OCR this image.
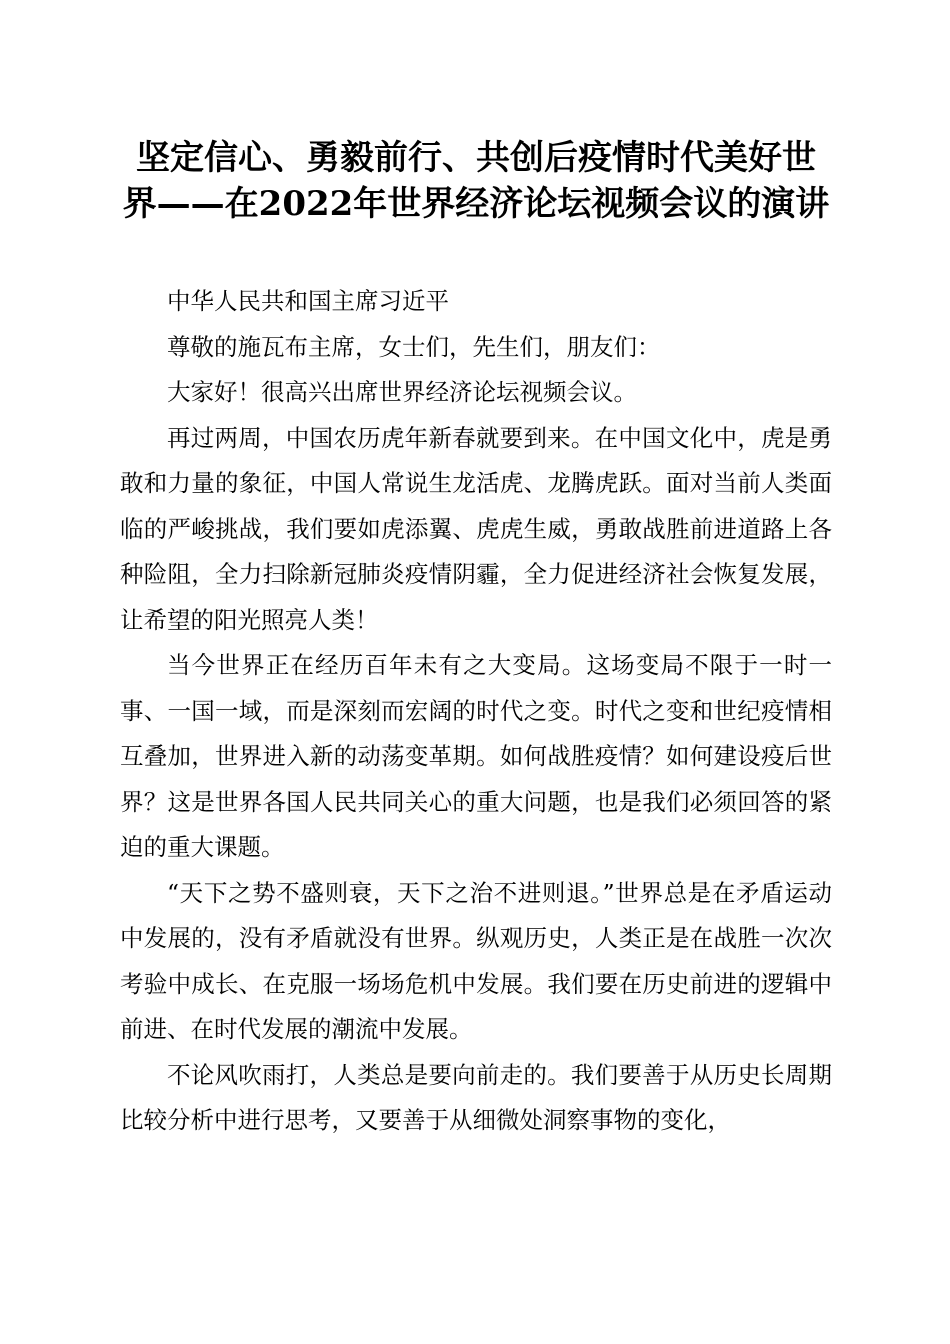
坚定信心、勇毅前行、共创后疫情时代美好世界——在2022年世界经济论坛视频会议的演讲

中华人民共和国主席习近平

尊敬的施瓦布主席，女士们，先生们，朋友们：

大家好！很高兴出席世界经济论坛视频会议。

再过两周，中国农历虎年新春就要到来。在中国文化中，虎是勇敢和力量的象征，中国人常说生龙活虎、龙腾虎跃。面对当前人类面临的严峻挑战，我们要如虎添翼、虎虎生威，勇敢战胜前进道路上各种险阻，全力扫除新冠肺炎疫情阴霾，全力促进经济社会恢复发展，让希望的阳光照亮人类！

当今世界正在经历百年未有之大变局。这场变局不限于一时一事、一国一域，而是深刻而宏阔的时代之变。时代之变和世纪疫情相互叠加，世界进入新的动荡变革期。如何战胜疫情？如何建设疫后世界？这是世界各国人民共同关心的重大问题，也是我们必须回答的紧迫的重大课题。

“天下之势不盛则衰，天下之治不进则退。”世界总是在矛盾运动中发展的，没有矛盾就没有世界。纵观历史，人类正是在战胜一次次考验中成长、在克服一场场危机中发展。我们要在历史前进的逻辑中前进、在时代发展的潮流中发展。

不论风吹雨打，人类总是要向前走的。我们要善于从历史长周期比较分析中进行思考，又要善于从细微处洞察事物的变化，
